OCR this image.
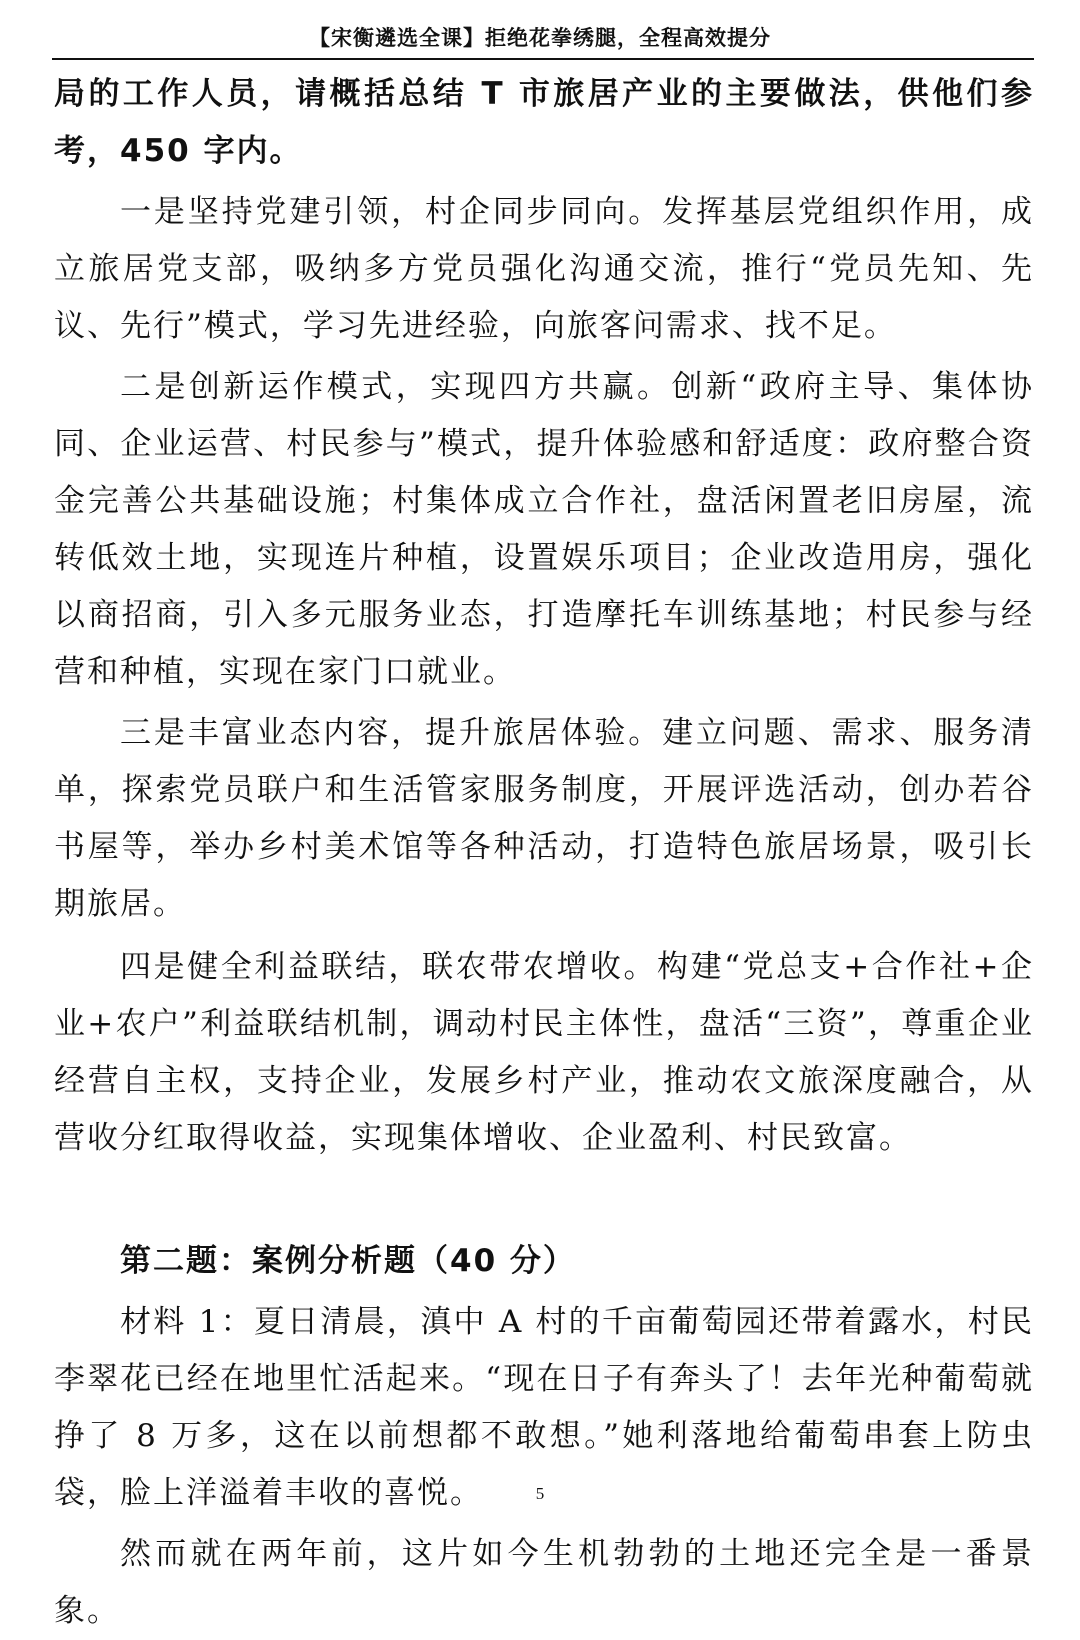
【宋衡遴选全课】拒绝花拳绣腿，全程高效提分

局的工作人员，请概括总结 T 市旅居产业的主要做法，供他们参考，450 字内。

一是坚持党建引领，村企同步同向。发挥基层党组织作用，成立旅居党支部，吸纳多方党员强化沟通交流，推行“党员先知、先议、先行”模式，学习先进经验，向旅客问需求、找不足。

二是创新运作模式，实现四方共赢。创新“政府主导、集体协同、企业运营、村民参与”模式，提升体验感和舒适度：政府整合资金完善公共基础设施；村集体成立合作社，盘活闲置老旧房屋，流转低效土地，实现连片种植，设置娱乐项目；企业改造用房，强化以商招商，引入多元服务业态，打造摩托车训练基地；村民参与经营和种植，实现在家门口就业。

三是丰富业态内容，提升旅居体验。建立问题、需求、服务清单，探索党员联户和生活管家服务制度，开展评选活动，创办若谷书屋等，举办乡村美术馆等各种活动，打造特色旅居场景，吸引长期旅居。

四是健全利益联结，联农带农增收。构建“党总支+合作社+企业+农户”利益联结机制，调动村民主体性，盘活“三资”，尊重企业经营自主权，支持企业，发展乡村产业，推动农文旅深度融合，从营收分红取得收益，实现集体增收、企业盈利、村民致富。

第二题：案例分析题（40 分）

材料 1：夏日清晨，滇中 A 村的千亩葡萄园还带着露水，村民李翠花已经在地里忙活起来。“现在日子有奔头了！去年光种葡萄就挣了 8 万多，这在以前想都不敢想。”她利落地给葡萄串套上防虫袋，脸上洋溢着丰收的喜悦。

然而就在两年前，这片如今生机勃勃的土地还完全是一番景象。

5
